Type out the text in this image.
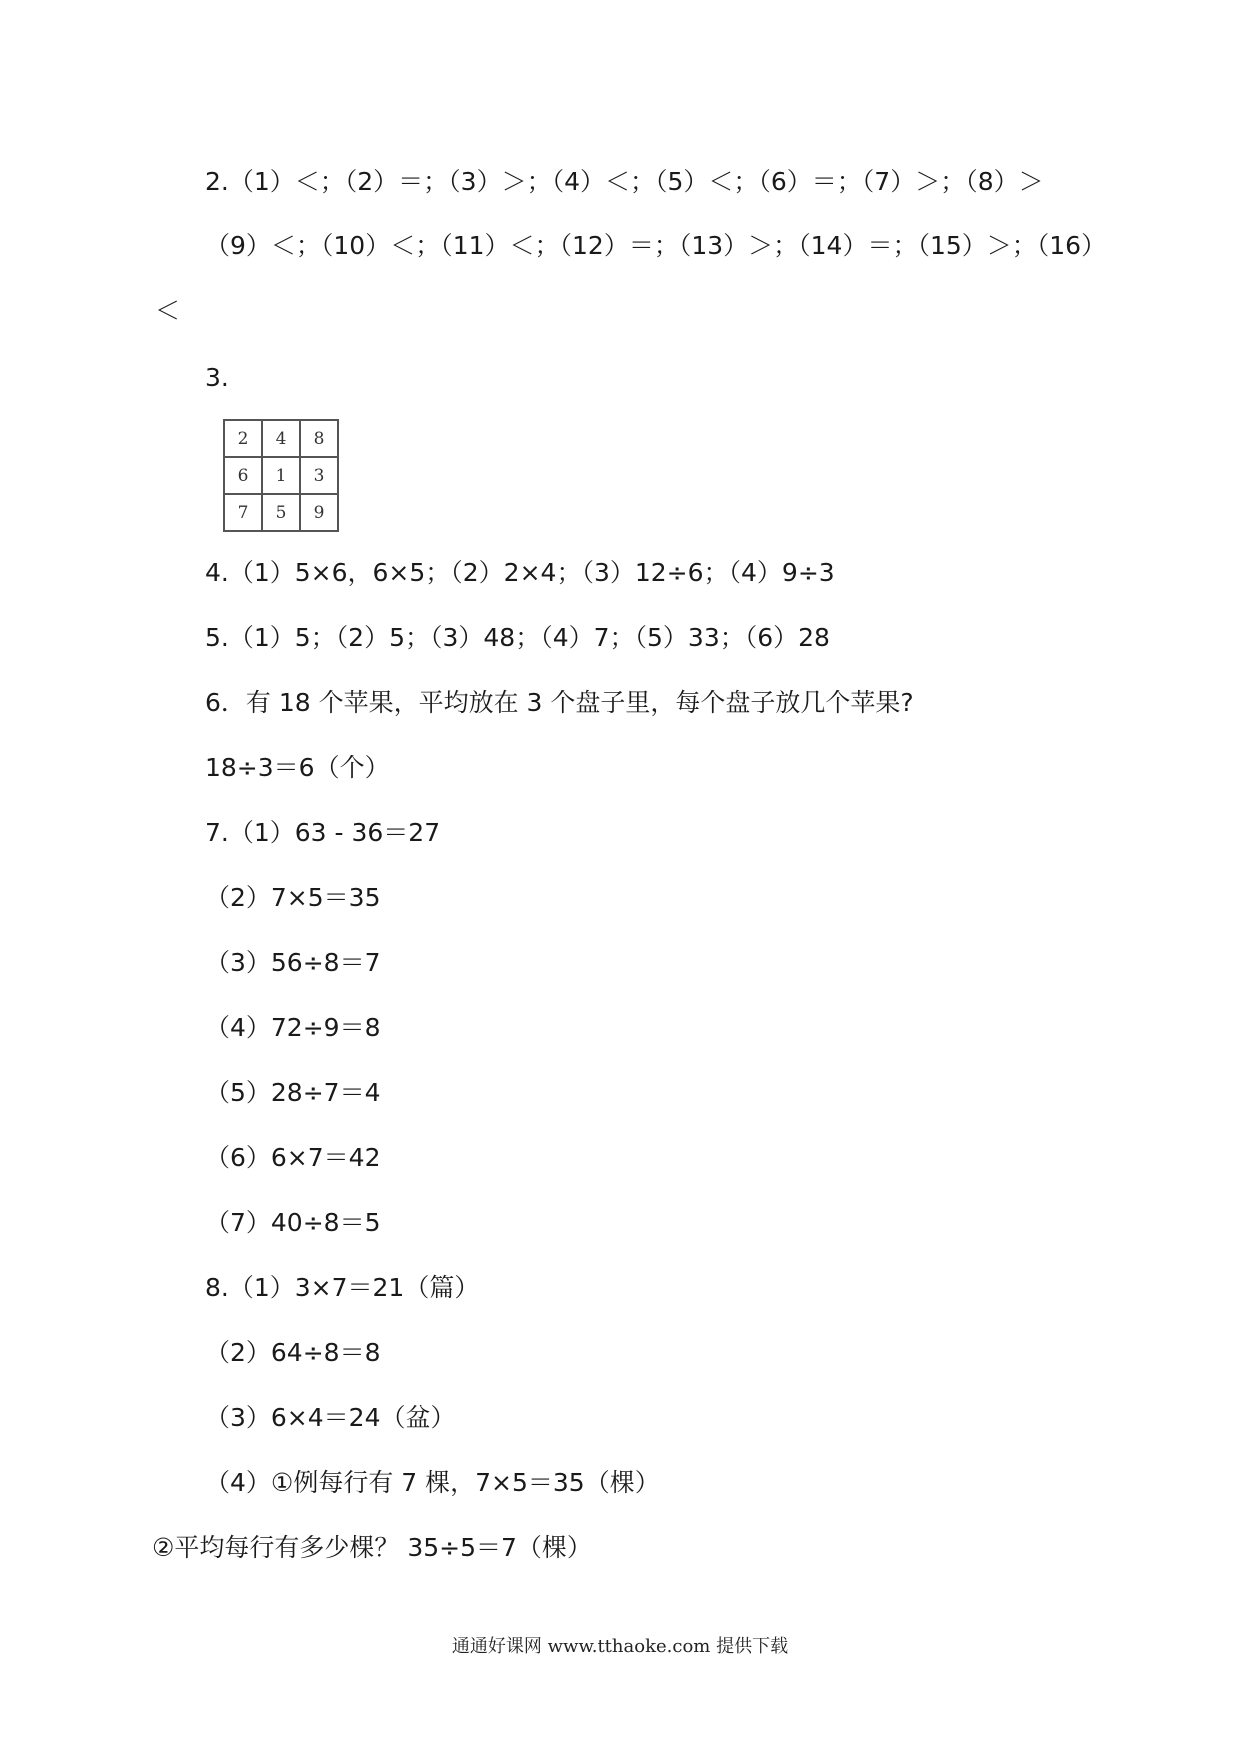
2.（1）＜；（2）＝；（3）＞；（4）＜；（5）＜；（6）＝；（7）＞；（8）＞
（9）＜；（10）＜；（11）＜；（12）＝；（13）＞；（14）＝；（15）＞；（16）
＜
3.
2	4	8
6	1	3
7	5	9
4.（1）5×6，6×5；（2）2×4；（3）12÷6；（4）9÷3
5.（1）5；（2）5；（3）48；（4）7；（5）33；（6）28
6．有 18 个苹果，平均放在 3 个盘子里，每个盘子放几个苹果?
18÷3＝6（个）
7.（1）63 - 36＝27
（2）7×5＝35
（3）56÷8＝7
（4）72÷9＝8
（5）28÷7＝4
（6）6×7＝42
（7）40÷8＝5
8.（1）3×7＝21（篇）
（2）64÷8＝8
（3）6×4＝24（盆）
（4）①例每行有 7 棵，7×5＝35（棵）
②平均每行有多少棵？ 35÷5＝7（棵）
通通好课网 www.tthaoke.com 提供下载
